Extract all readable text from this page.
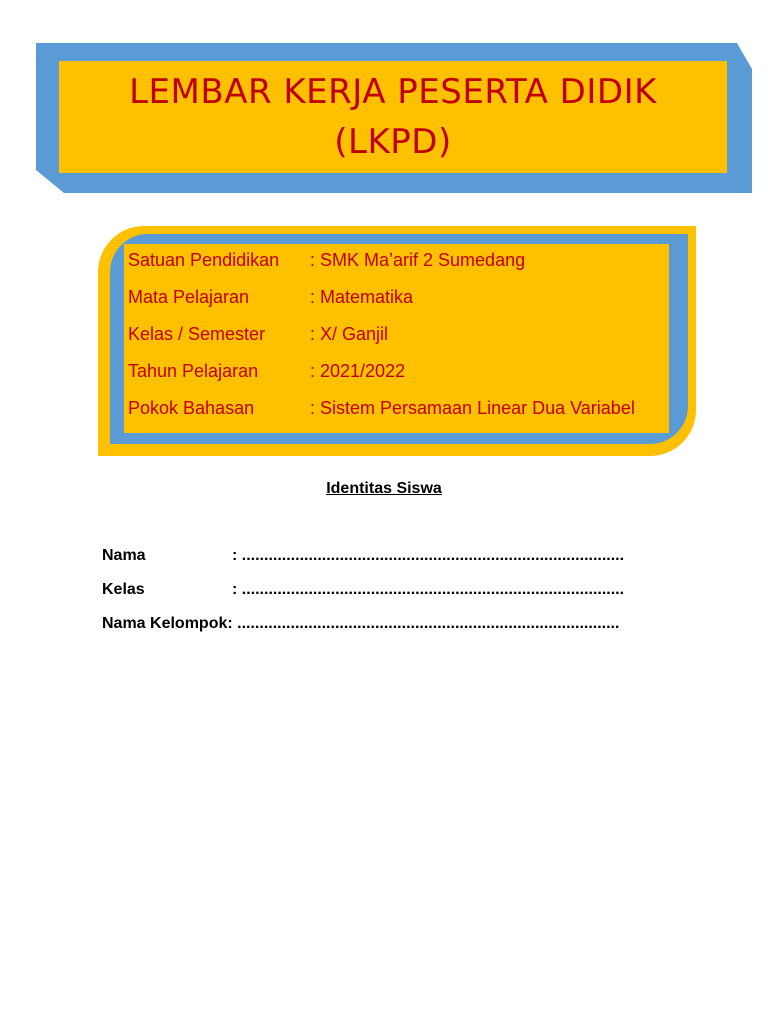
LEMBAR KERJA PESERTA DIDIK
(LKPD)
Satuan Pendidikan	: SMK Ma’arif 2 Sumedang
Mata Pelajaran	: Matematika
Kelas / Semester	: X/ Ganjil
Tahun Pelajaran	: 2021/2022
Pokok Bahasan	: Sistem Persamaan Linear Dua Variabel
Identitas Siswa
Nama	: ......................................................................................
Kelas	: ......................................................................................
Nama Kelompok : ......................................................................................
